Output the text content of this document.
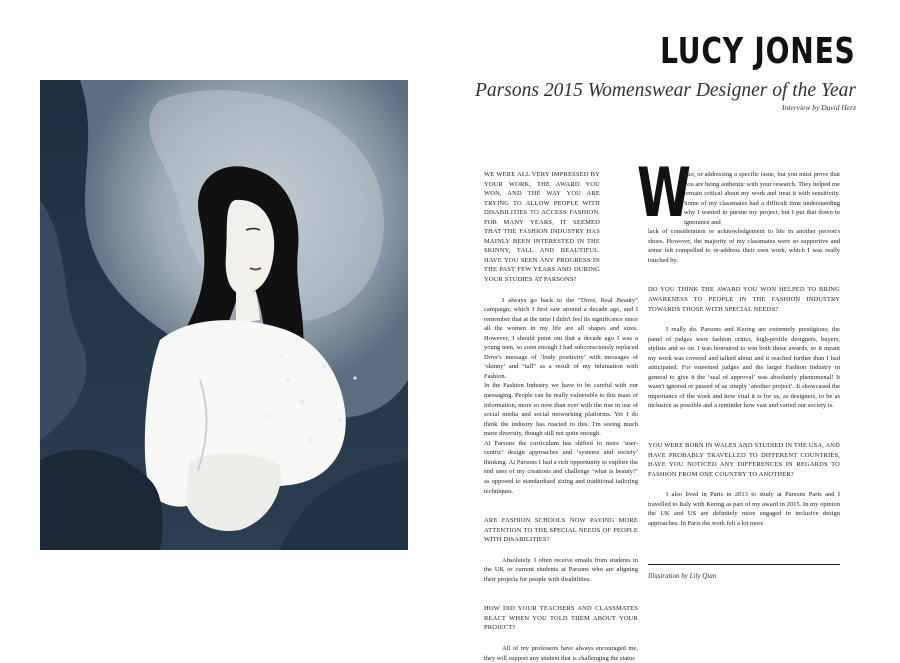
LUCY JONES
Parsons 2015 Womenswear Designer of the Year
Interview by David Herz

WE WERE ALL VERY IMPRESSED BY YOUR WORK, THE AWARD YOU WON, AND THE WAY YOU ARE TRYING TO ALLOW PEOPLE WITH DISABILITIES TO ACCESS FASHION. FOR MANY YEARS, IT SEEMED THAT THE FASHION INDUSTRY HAS MAINLY BEEN INTERESTED IN THE SKINNY, TALL AND BEAUTIFUL. HAVE YOU SEEN ANY PROGRESS IN THE PAST FEW YEARS AND DURING YOUR STUDIES AT PARSONS?

I always go back to the “Dove, Real Beauty” campaign, which I first saw around a decade ago, and I remember that at the time I didn't feel its significance since all the women in my life are all shapes and sizes. However, I should point out that a decade ago I was a young teen, so soon enough I had subconsciously replaced Dove's message of ‘body positivity’ with messages of ‘skinny’ and “tall” as a result of my infatuation with Fashion.

In the Fashion Industry we have to be careful with our messaging. People can be really vulnerable to this mass of information, more so now than ever with the rise in use of social media and social networking platforms. Yet I do think the industry has reacted to this. I'm seeing much more diversity, though still not quite enough.

At Parsons the curriculum has shifted to more ‘user-centric’ design approaches and ‘systems and society’ thinking. At Parsons I had a rich opportunity to explore the end uses of my creations and challenge ‘what is beauty?’ as opposed to standardised sizing and traditional tailoring techniques.

ARE FASHION SCHOOLS NOW PAYING MORE ATTENTION TO THE SPECIAL NEEDS OF PEOPLE WITH DISABILITIES?

Absolutely. I often receive emails from students in the UK or current students at Parsons who are aligning their projects for people with disabilities.

HOW DID YOUR TEACHERS AND CLASSMATES REACT WHEN YOU TOLD THEM ABOUT YOUR PROJECT?

All of my professors have always encouraged me, they will support any student that is challenging the status

W

quo, or addressing a specific issue, but you must prove that you are being authentic with your research. They helped me remain critical about my work and treat it with sensitivity. Some of my classmates had a difficult time understanding why I wanted to pursue my project, but I put that down to ignorance and

lack of consideration or acknowledgement to life in another person's shoes. However, the majority of my classmates were so supportive and some felt compelled to re-address their own work, which I was really touched by.

DO YOU THINK THE AWARD YOU WON HELPED TO BRING AWARENESS TO PEOPLE IN THE FASHION INDUSTRY TOWARDS THOSE WITH SPECIAL NEEDS?

I really do. Parsons and Kering are extremely prestigious; the panel of judges were fashion critics, high-profile designers, buyers, stylists and so on. I was honoured to win both those awards, so it meant my work was covered and talked about and it reached further than I had anticipated. For esteemed judges and the larger Fashion Industry in general to give it the ‘seal of approval’ was absolutely phenomenal! It wasn't ignored or passed of as simply ‘another project’. It showcased the importance of the work and how vital it is for us, as designers, to be as inclusive as possible and a reminder how vast and varied our society is.

YOU WERE BORN IN WALES AND STUDIED IN THE USA, AND HAVE PROBABLY TRAVELLED TO DIFFERENT COUNTRIES, HAVE YOU NOTICED ANY DIFFERENCES IN REGARDS TO FASHION FROM ONE COUNTRY TO ANOTHER?

I also lived in Paris in 2013 to study at Parsons Paris and I travelled to Italy with Kering as part of my award in 2015. In my opinion the UK and US are definitely more engaged in inclusive design approaches. In Paris the work felt a lot more

Illustration by Lily Qian
